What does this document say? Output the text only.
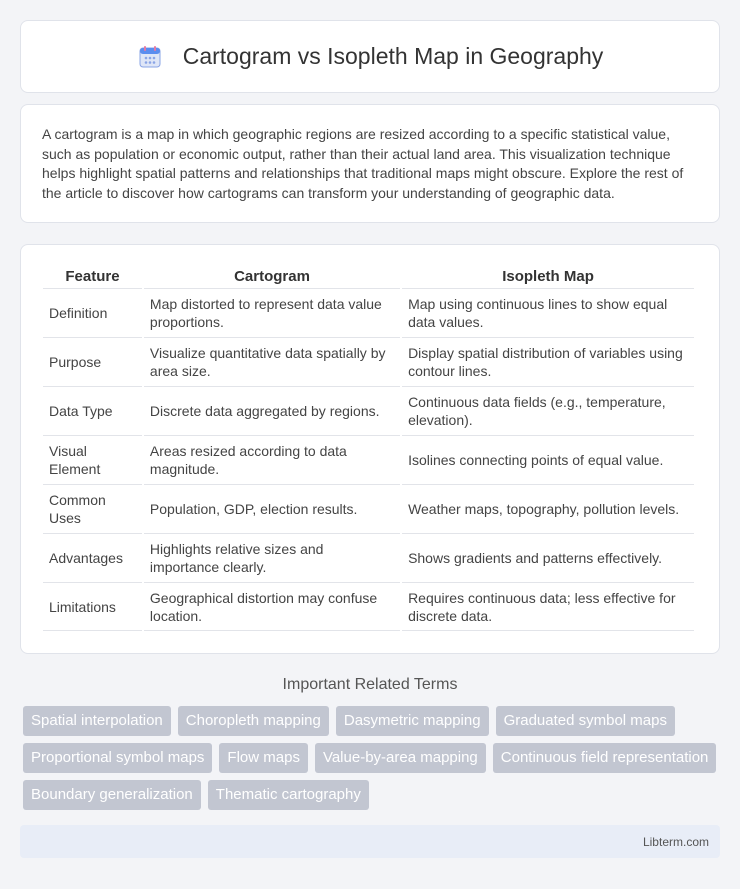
Cartogram vs Isopleth Map in Geography

A cartogram is a map in which geographic regions are resized according to a specific statistical value, such as population or economic output, rather than their actual land area. This visualization technique helps highlight spatial patterns and relationships that traditional maps might obscure. Explore the rest of the article to discover how cartograms can transform your understanding of geographic data.

Feature	Cartogram	Isopleth Map
Definition	Map distorted to represent data value proportions.	Map using continuous lines to show equal data values.
Purpose	Visualize quantitative data spatially by area size.	Display spatial distribution of variables using contour lines.
Data Type	Discrete data aggregated by regions.	Continuous data fields (e.g., temperature, elevation).
Visual Element	Areas resized according to data magnitude.	Isolines connecting points of equal value.
Common Uses	Population, GDP, election results.	Weather maps, topography, pollution levels.
Advantages	Highlights relative sizes and importance clearly.	Shows gradients and patterns effectively.
Limitations	Geographical distortion may confuse location.	Requires continuous data; less effective for discrete data.
Important Related Terms
Spatial interpolation	Choropleth mapping	Dasymetric mapping	Graduated symbol maps
Proportional symbol maps	Flow maps	Value-by-area mapping	Continuous field representation
Boundary generalization	Thematic cartography
Libterm.com
